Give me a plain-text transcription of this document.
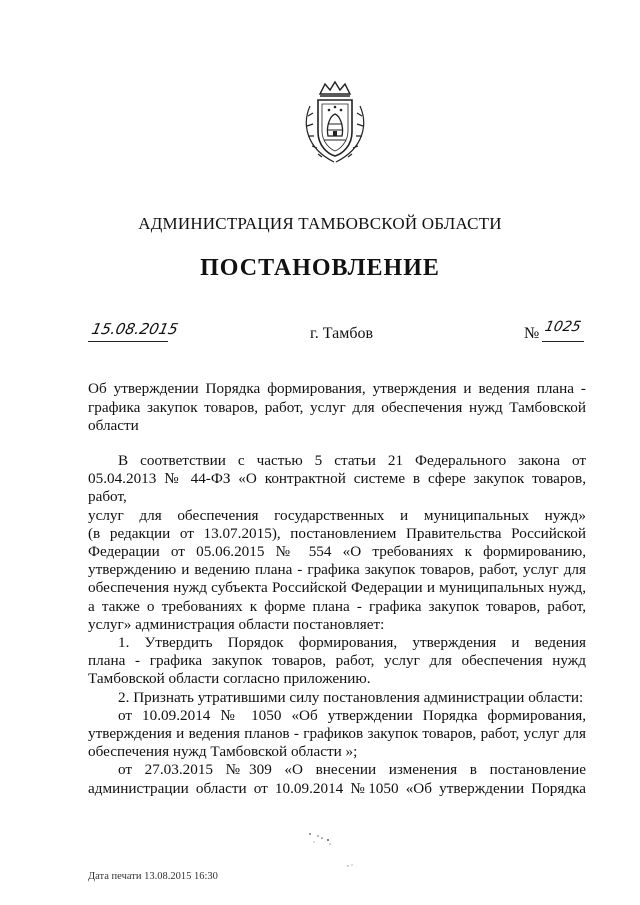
АДМИНИСТРАЦИЯ ТАМБОВСКОЙ ОБЛАСТИ
ПОСТАНОВЛЕНИЕ
15.08.2015	г. Тамбов	№ 1025
Об утверждении Порядка формирования, утверждения и ведения плана - графика закупок товаров, работ, услуг для обеспечения нужд Тамбовской области

В соответствии с частью 5 статьи 21 Федерального закона от

05.04.2013 № 44-ФЗ «О контрактной системе в сфере закупок товаров, работ,

услуг для обеспечения государственных и муниципальных нужд»

(в редакции от 13.07.2015), постановлением Правительства Российской

Федерации от 05.06.2015 № 554 «О требованиях к формированию,

утверждению и ведению плана - графика закупок товаров, работ, услуг для

обеспечения нужд субъекта Российской Федерации и муниципальных нужд,

а также о требованиях к форме плана - графика закупок товаров, работ,

услуг» администрация области постановляет:

1. Утвердить Порядок формирования, утверждения и ведения

плана - графика закупок товаров, работ, услуг для обеспечения нужд

Тамбовской области согласно приложению.

2. Признать утратившими силу постановления администрации области:

от 10.09.2014 № 1050 «Об утверждении Порядка формирования,

утверждения и ведения планов - графиков закупок товаров, работ, услуг для

обеспечения нужд Тамбовской области »;

от 27.03.2015 №309 «О внесении изменения в постановление

администрации области от 10.09.2014 №1050 «Об утверждении Порядка

Дата печати 13.08.2015 16:30
